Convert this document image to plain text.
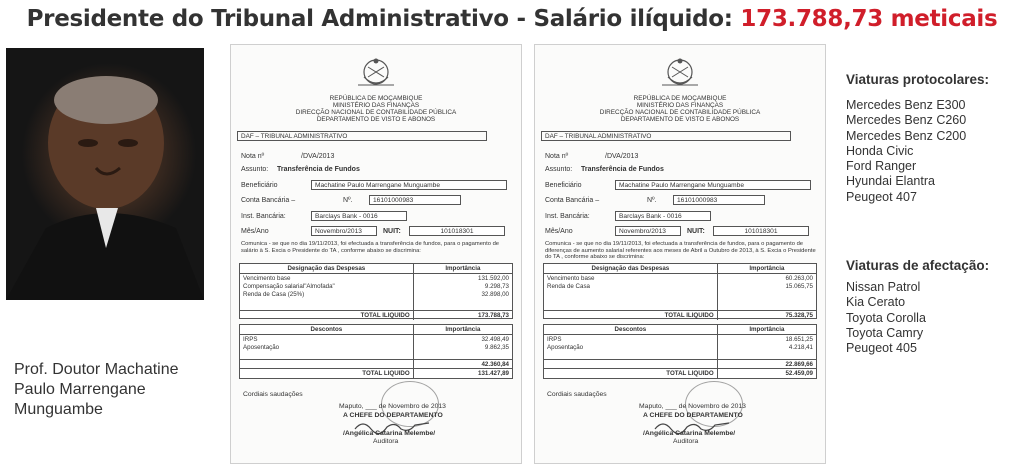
Presidente do Tribunal Administrativo - Salário ilíquido: 173.788,73 meticais
Prof. Doutor Machatine
Paulo Marrengane
Munguambe
REPÚBLICA DE MOÇAMBIQUE
MINISTÉRIO DAS FINANÇAS
DIRECÇÃO NACIONAL DE CONTABILIDADE PÚBLICA
DEPARTAMENTO DE VISTO E ABONOS
DAF – TRIBUNAL ADMINISTRATIVO
Nota nº	/DVA/2013
Assunto: Transferência de Fundos
Beneficiário	Machatine Paulo Marrengane Munguambe
Conta Bancária –	Nº.	16101000983
Inst. Bancária:	Barclays Bank - 0016
Mês/Ano	Novembro/2013	NUIT:	101018301
Comunica - se que no dia 19/11/2013, foi efectuada a transferência de fundos, para o pagamento de salário à S. Excia o Presidente do TA , conforme abaixo se discrimina:
Designação das Despesas	Importância
Vencimento base	131.592,00
Compensação salarial"Almofada"	9.298,73
Renda de Casa (25%)	32.898,00
TOTAL ILIQUIDO	173.788,73
Descontos	Importância
IRPS	32.498,49
Aposentação	9.862,35
42.360,84
TOTAL LIQUIDO	131.427,89
Cordiais saudações
Maputo, ___ de Novembro de 2013
A CHEFE DO DEPARTAMENTO
/Angélica Catarina Melembe/
Auditora
REPÚBLICA DE MOÇAMBIQUE
MINISTÉRIO DAS FINANÇAS
DIRECÇÃO NACIONAL DE CONTABILIDADE PÚBLICA
DEPARTAMENTO DE VISTO E ABONOS
DAF – TRIBUNAL ADMINISTRATIVO
Nota nº	/DVA/2013
Assunto: Transferência de Fundos
Beneficiário	Machatine Paulo Marrengane Munguambe
Conta Bancária –	Nº.	16101000983
Inst. Bancária:	Barclays Bank - 0016
Mês/Ano	Novembro/2013	NUIT:	101018301
Comunica - se que no dia 19/11/2013, foi efectuada a transferência de fundos, para o pagamento de diferenças de aumento salarial referentes aos meses de Abril a Outubro de 2013, à S. Excia o Presidente do TA , conforme abaixo se discrimina:
Designação das Despesas	Importância
Vencimento base	60.263,00
Renda de Casa	15.065,75
TOTAL ILIQUIDO	75.328,75
Descontos	Importância
IRPS	18.651,25
Aposentação	4.218,41
22.869,66
TOTAL LIQUIDO	52.459,09
Cordiais saudações
Maputo, ___ de Novembro de 2013
A CHEFE DO DEPARTAMENTO
/Angélica Catarina Melembe/
Auditora
Viaturas protocolares:
Mercedes Benz E300
Mercedes Benz C260
Mercedes Benz C200
Honda Civic
Ford Ranger
Hyundai Elantra
Peugeot 407
Viaturas de afectação:
Nissan Patrol
Kia Cerato
Toyota Corolla
Toyota Camry
Peugeot 405
